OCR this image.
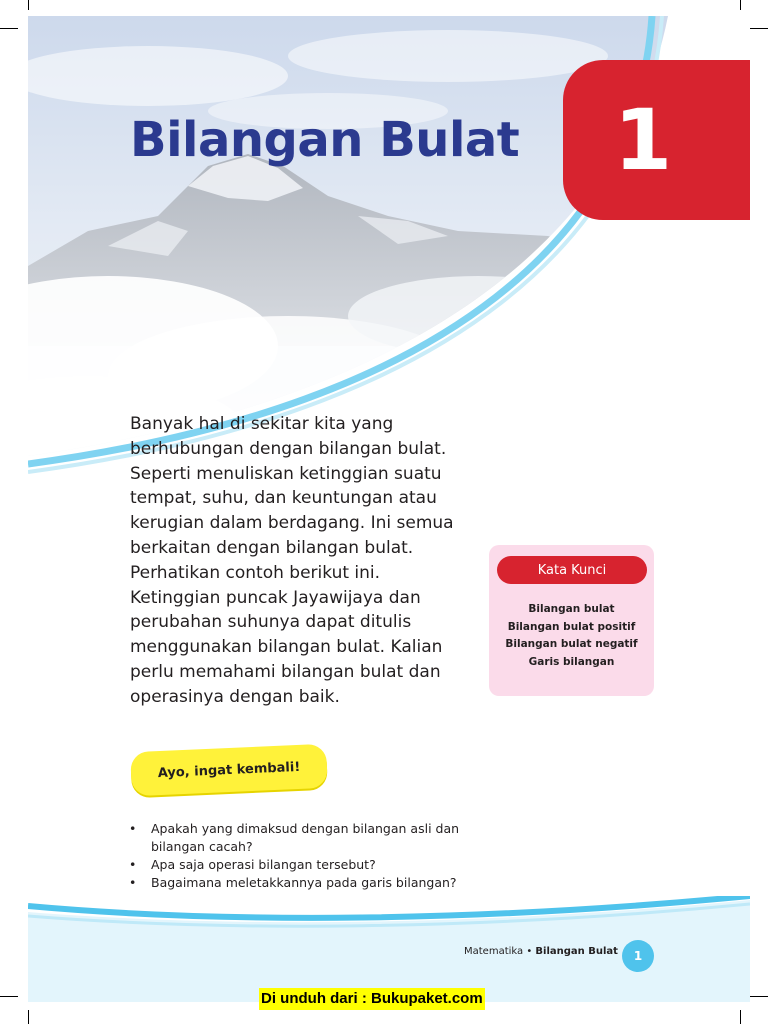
Bilangan Bulat	1

Banyak hal di sekitar kita yang berhubungan dengan bilangan bulat. Seperti menuliskan ketinggian suatu tempat, suhu, dan keuntungan atau kerugian dalam berdagang. Ini semua berkaitan dengan bilangan bulat. Perhatikan contoh berikut ini. Ketinggian puncak Jayawijaya dan perubahan suhunya dapat ditulis menggunakan bilangan bulat. Kalian perlu memahami bilangan bulat dan operasinya dengan baik.

Kata Kunci
Bilangan bulat
Bilangan bulat positif
Bilangan bulat negatif
Garis bilangan
Ayo, ingat kembali!
• Apakah yang dimaksud dengan bilangan asli dan bilangan cacah?
• Apa saja operasi bilangan tersebut?
• Bagaimana meletakkannya pada garis bilangan?
Matematika • Bilangan Bulat	1
Di unduh dari : Bukupaket.com
